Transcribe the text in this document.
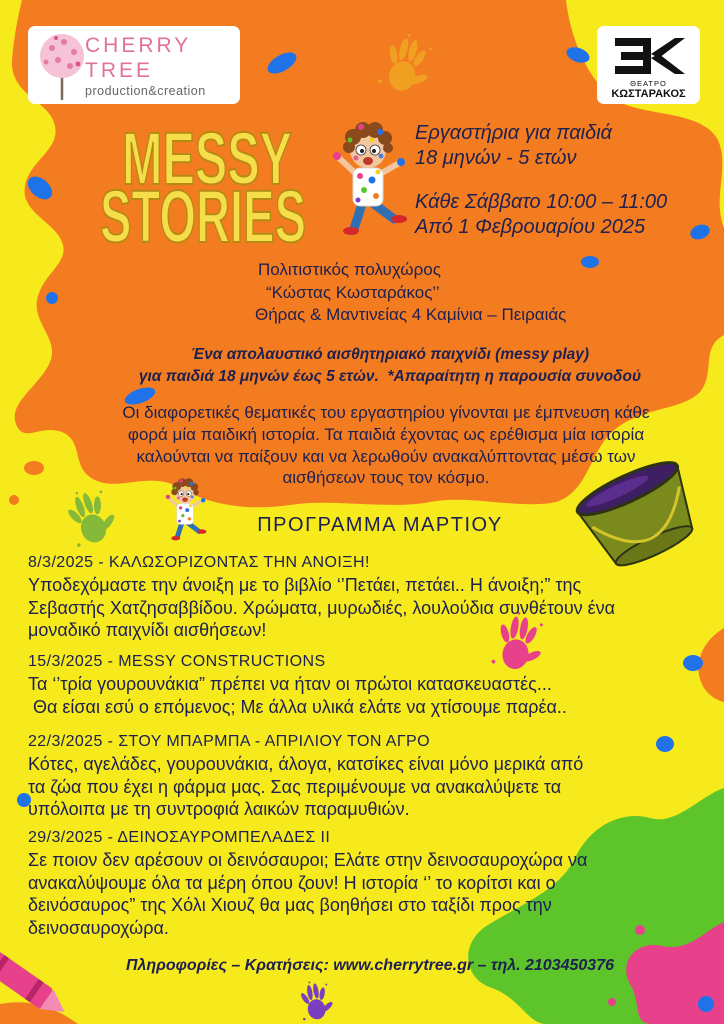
CHERRY
TREE
production&creation
ΘΕΑΤΡΟ
ΚΩΣΤΑΡΑΚΟΣ
MESSY
STORIES
Εργαστήρια για παιδιά
18 μηνών - 5 ετών
Κάθε Σάββατο 10:00 – 11:00
Από 1 Φεβρουαρίου 2025
Πολιτιστικός πολυχώρος
“Κώστας Κωσταράκος’’
Θήρας & Μαντινείας 4 Καμίνια – Πειραιάς
Ένα απολαυστικό αισθητηριακό παιχνίδι (messy play)
για παιδιά 18 μηνών έως 5 ετών.  *Απαραίτητη η παρουσία συνοδού
Οι διαφορετικές θεματικές του εργαστηρίου γίνονται με έμπνευση κάθε
φορά μία παιδική ιστορία. Τα παιδιά έχοντας ως ερέθισμα μία ιστορία
καλούνται να παίξουν και να λερωθούν ανακαλύπτοντας μέσω των
αισθήσεων τους τον κόσμο.
ΠΡΟΓΡΑΜΜΑ ΜΑΡΤΙΟΥ
8/3/2025 - ΚΑΛΩΣΟΡΙΖΟΝΤΑΣ ΤΗΝ ΑΝΟΙΞΗ!
Υποδεχόμαστε την άνοιξη με το βιβλίο ‘’Πετάει, πετάει.. Η άνοιξη;” της
Σεβαστής Χατζησαββίδου. Χρώματα, μυρωδιές, λουλούδια συνθέτουν ένα
μοναδικό παιχνίδι αισθήσεων!
15/3/2025 - MESSY CONSTRUCTIONS
Τα ‘’τρία γουρουνάκια” πρέπει να ήταν οι πρώτοι κατασκευαστές...
Θα είσαι εσύ ο επόμενος; Με άλλα υλικά ελάτε να χτίσουμε παρέα..
22/3/2025 - ΣΤΟΥ ΜΠΑΡΜΠΑ - ΑΠΡΙΛΙΟΥ ΤΟΝ ΑΓΡΟ
Κότες, αγελάδες, γουρουνάκια, άλογα, κατσίκες είναι μόνο μερικά από
τα ζώα που έχει η φάρμα μας. Σας περιμένουμε να ανακαλύψετε τα
υπόλοιπα με τη συντροφιά λαικών παραμυθιών.
29/3/2025 - ΔΕΙΝΟΣΑΥΡΟΜΠΕΛΑΔΕΣ II
Σε ποιον δεν αρέσουν οι δεινόσαυροι; Ελάτε στην δεινοσαυροχώρα να
ανακαλύψουμε όλα τα μέρη όπου ζουν! Η ιστορία ‘’ το κορίτσι και ο
δεινόσαυρος” της Χόλι Χιουζ θα μας βοηθήσει στο ταξίδι προς την
δεινοσαυροχώρα.
Πληροφορίες – Κρατήσεις: www.cherrytree.gr – τηλ. 2103450376
